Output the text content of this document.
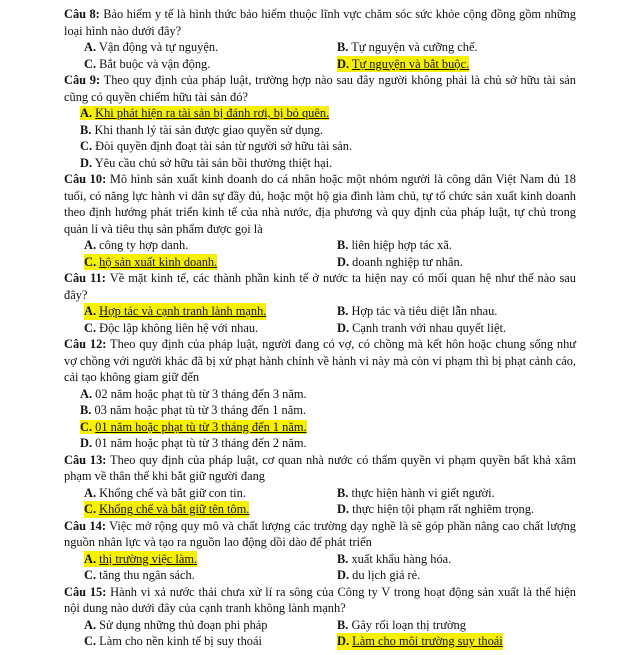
Câu 8: Bảo hiểm y tế là hình thức bảo hiểm thuộc lĩnh vực chăm sóc sức khỏe cộng đồng gồm những loại hình nào dưới đây?

A. Vận động và tự nguyện.	B. Tự nguyện và cưỡng chế.
C. Bắt buộc và vận động.	D. Tự nguyện và bắt buộc.

Câu 9: Theo quy định của pháp luật, trường hợp nào sau đây người không phải là chủ sở hữu tài sản cũng có quyền chiếm hữu tài sản đó?

A. Khi phát hiện ra tài sản bị đánh rơi, bị bỏ quên.
B. Khi thanh lý tài sản được giao quyền sử dụng.
C. Đòi quyền định đoạt tài sản từ người sở hữu tài sản.
D. Yêu cầu chủ sở hữu tài sản bồi thường thiệt hại.

Câu 10: Mô hình sản xuất kinh doanh do cá nhân hoặc một nhóm người là công dân Việt Nam đủ 18 tuổi, có năng lực hành vi dân sự đầy đủ, hoặc một hộ gia đình làm chủ, tự tổ chức sản xuất kinh doanh theo định hướng phát triển kinh tế của nhà nước, địa phương và quy định của pháp luật, tự chủ trong quản lí và tiêu thụ sản phẩm được gọi là

A. công ty hợp danh.	B. liên hiệp hợp tác xã.
C. hộ sản xuất kinh doanh.	D. doanh nghiệp tư nhân.

Câu 11: Về mặt kinh tế, các thành phần kinh tế ở nước ta hiện nay có mối quan hệ như thế nào sau đây?

A. Hợp tác và cạnh tranh lành mạnh.	B. Hợp tác và tiêu diệt lẫn nhau.
C. Độc lập không liên hệ với nhau.	D. Cạnh tranh với nhau quyết liệt.

Câu 12: Theo quy định của pháp luật, người đang có vợ, có chồng mà kết hôn hoặc chung sống như vợ chồng với người khác đã bị xử phạt hành chính về hành vi này mà còn vi phạm thì bị phạt cảnh cáo, cải tạo không giam giữ đến

A. 02 năm hoặc phạt tù từ 3 tháng đến 3 năm.
B. 03 năm hoặc phạt tù từ 3 tháng đến 1 năm.
C. 01 năm hoặc phạt tù từ 3 tháng đến 1 năm.
D. 01 năm hoặc phạt tù từ 3 tháng đến 2 năm.

Câu 13: Theo quy định của pháp luật, cơ quan nhà nước có thẩm quyền vi phạm quyền bất khả xâm phạm về thân thể khi bắt giữ người đang

A. Khống chế và bắt giữ con tin.	B. thực hiện hành vi giết người.
C. Khống chế và bắt giữ tên tôm.	D. thực hiện tội phạm rất nghiêm trọng.

Câu 14: Việc mở rộng quy mô và chất lượng các trường dạy nghề là sẽ góp phần nâng cao chất lượng nguồn nhân lực và tạo ra nguồn lao động dồi dào để phát triển

A. thị trường việc làm.	B. xuất khẩu hàng hóa.
C. tăng thu ngân sách.	D. du lịch giá rẻ.

Câu 15: Hành vi xả nước thải chưa xử lí ra sông của Công ty V trong hoạt động sản xuất là thể hiện nội dung nào dưới đây của cạnh tranh không lành mạnh?

A. Sử dụng những thủ đoạn phi pháp	B. Gây rối loạn thị trường
C. Làm cho nền kinh tế bị suy thoái	D. Làm cho môi trường suy thoái
